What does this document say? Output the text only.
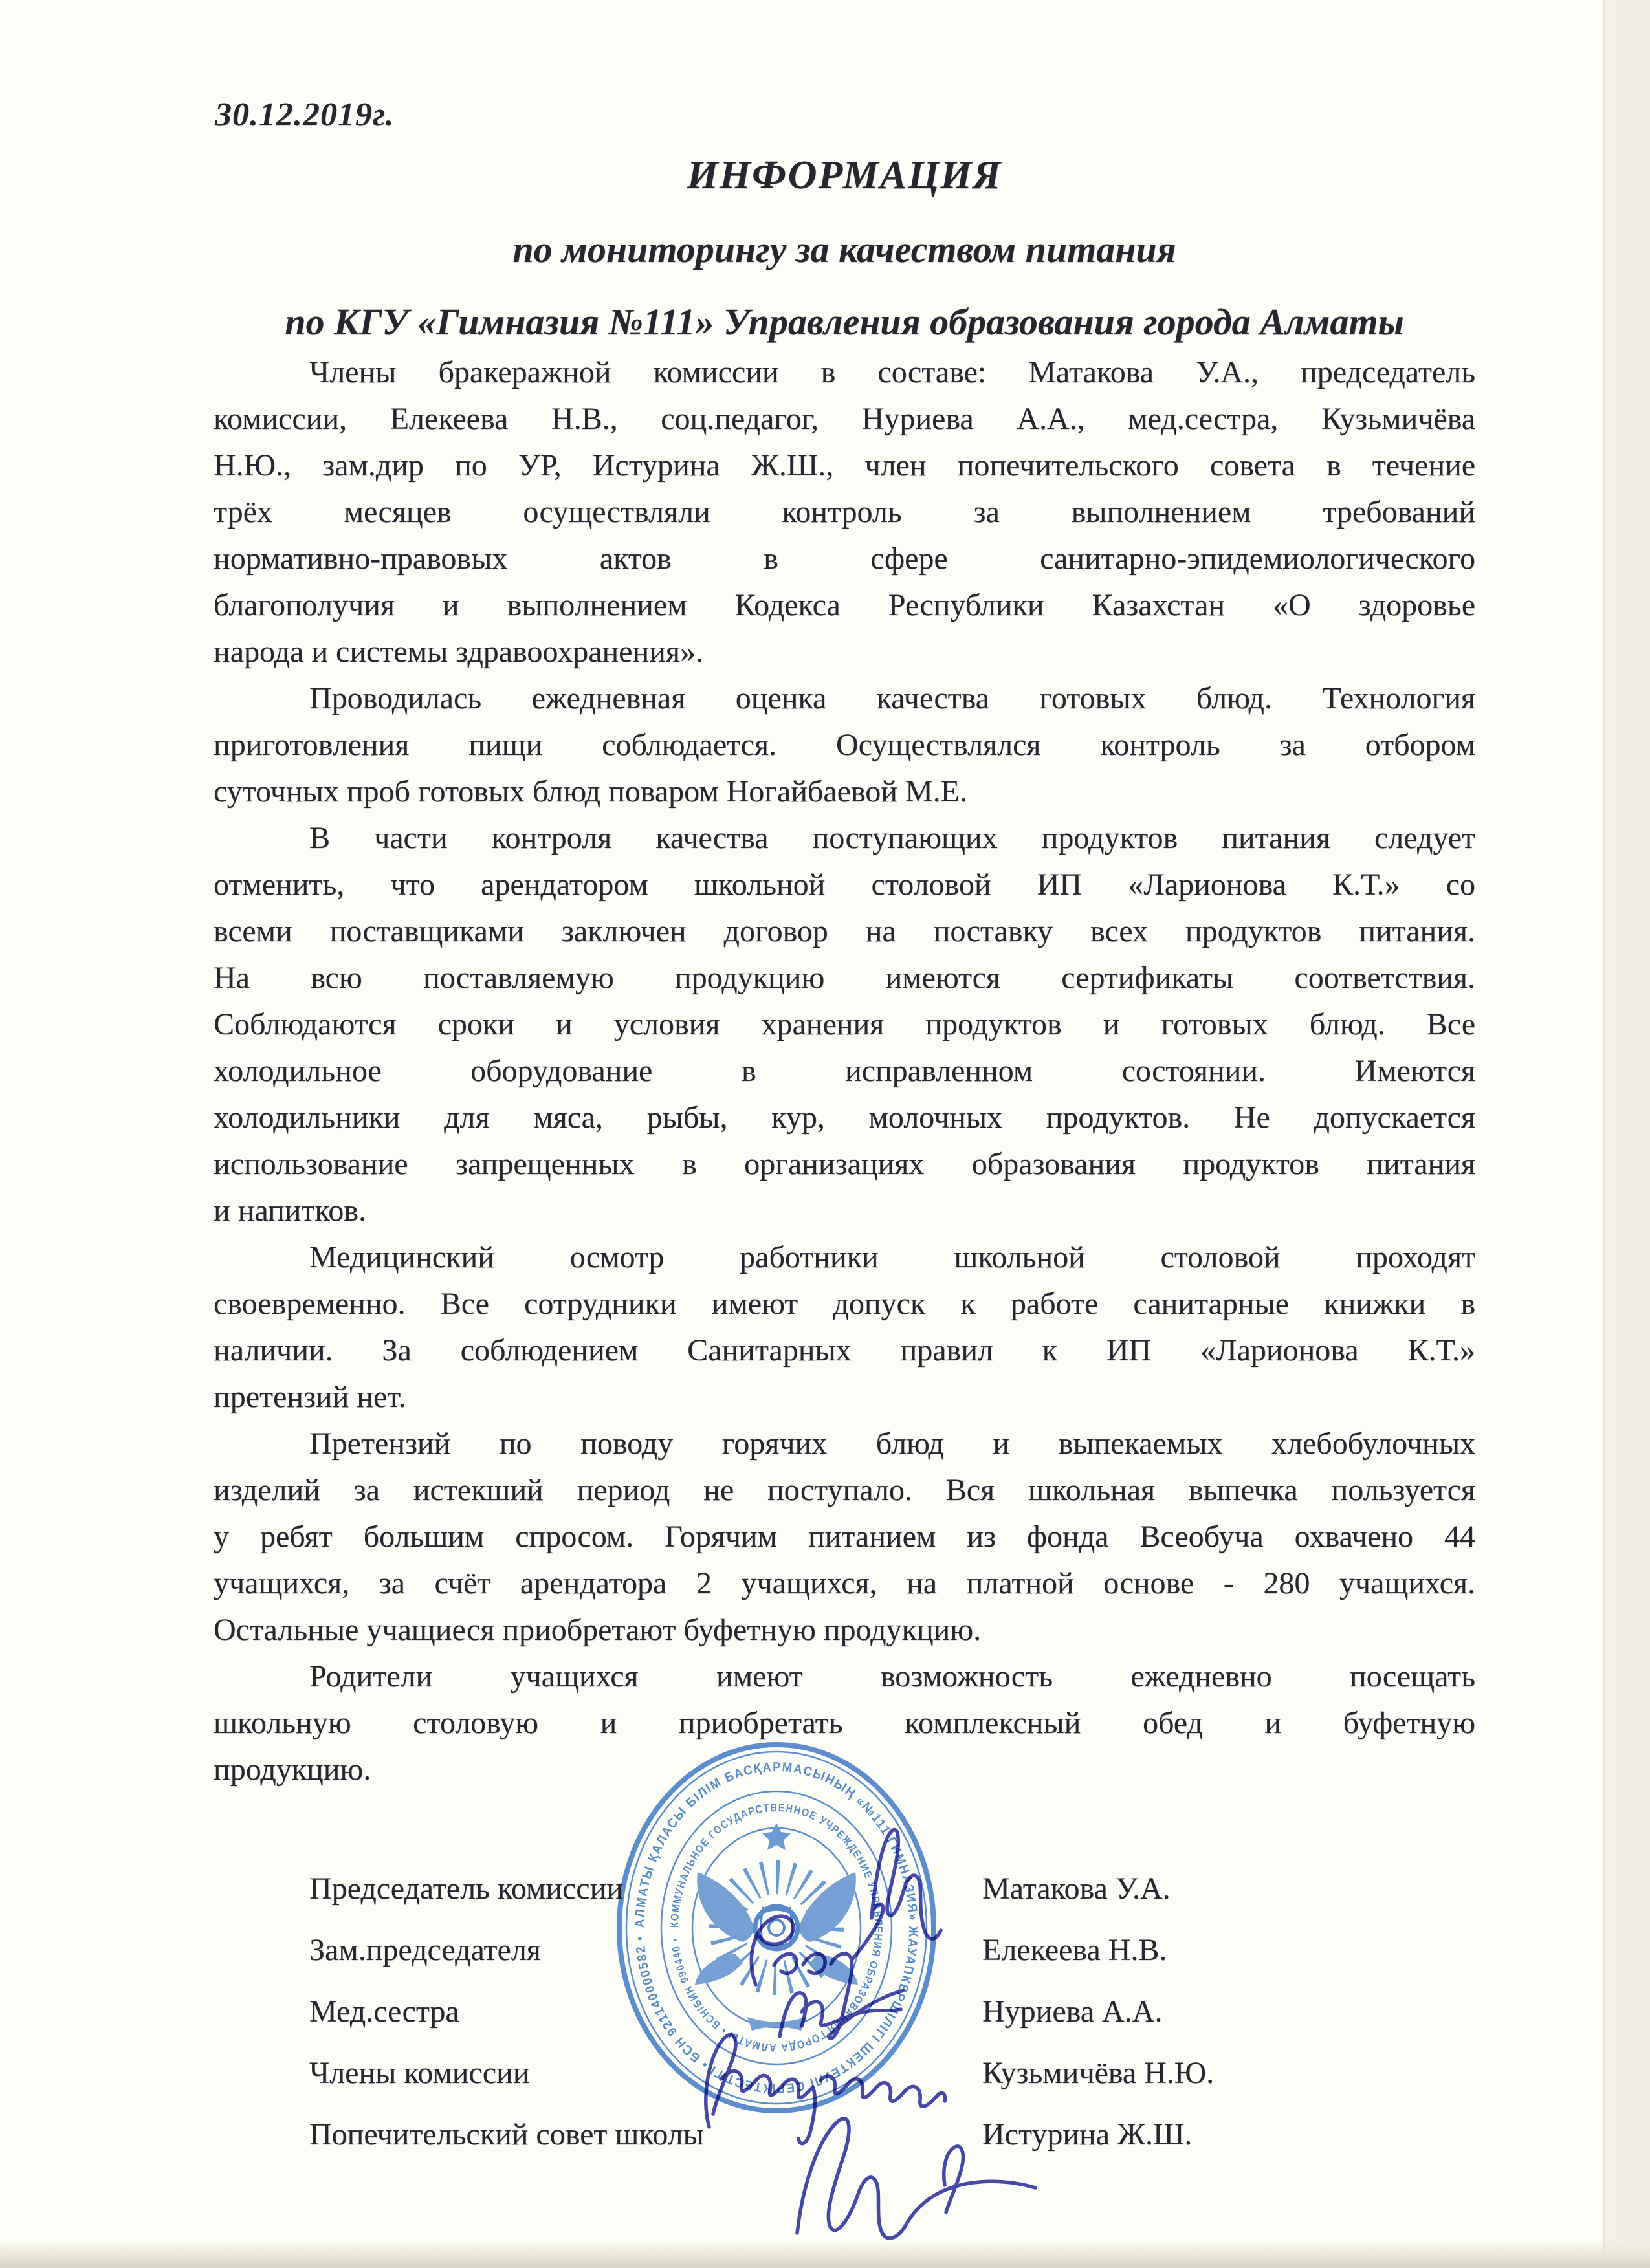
30.12.2019г.
ИНФОРМАЦИЯ
по мониторингу за качеством питания
по КГУ «Гимназия №111» Управления образования города Алматы
Члены бракеражной комиссии в составе: Матакова У.А., председатель
комиссии, Елекеева Н.В., соц.педагог, Нуриева А.А., мед.сестра, Кузьмичёва
Н.Ю., зам.дир по УР, Истурина Ж.Ш., член попечительского совета в течение
трёх месяцев осуществляли контроль за выполнением требований
нормативно-правовых актов в сфере санитарно-эпидемиологического
благополучия и выполнением Кодекса Республики Казахстан «О здоровье
народа и системы здравоохранения».
Проводилась ежедневная оценка качества готовых блюд. Технология
приготовления пищи соблюдается. Осуществлялся контроль за отбором
суточных проб готовых блюд поваром Ногайбаевой М.Е.
В части контроля качества поступающих продуктов питания следует
отменить, что арендатором школьной столовой ИП «Ларионова К.Т.» со
всеми поставщиками заключен договор на поставку всех продуктов питания.
На всю поставляемую продукцию имеются сертификаты соответствия.
Соблюдаются сроки и условия хранения продуктов и готовых блюд. Все
холодильное оборудование в исправленном состоянии. Имеются
холодильники для мяса, рыбы, кур, молочных продуктов. Не допускается
использование запрещенных в организациях образования продуктов питания
и напитков.
Медицинский осмотр работники школьной столовой проходят
своевременно. Все сотрудники имеют допуск к работе санитарные книжки в
наличии. За соблюдением Санитарных правил к ИП «Ларионова К.Т.»
претензий нет.
Претензий по поводу горячих блюд и выпекаемых хлебобулочных
изделий за истекший период не поступало. Вся школьная выпечка пользуется
у ребят большим спросом. Горячим питанием из фонда Всеобуча охвачено 44
учащихся, за счёт арендатора 2 учащихся, на платной основе - 280 учащихся.
Остальные учащиеся приобретают буфетную продукцию.
Родители учащихся имеют возможность ежедневно посещать
школьную столовую и приобретать комплексный обед и буфетную
продукцию.
Председатель комиссии	Матакова У.А.
Зам.председателя	Елекеева Н.В.
Мед.сестра	Нуриева А.А.
Члены комиссии	Кузьмичёва Н.Ю.
Попечительский совет школы	Истурина Ж.Ш.
АЛМАТЫ ҚАЛАСЫ БІЛІМ БАСҚАРМАСЫНЫҢ «№111 ГИМНАЗИЯ» ЖАУАПКЕРШІЛІГІ ШЕКТЕУЛІ СЕРІКТЕСТІГІ • БСН 921140000582 •
КОММУНАЛЬНОЕ ГОСУДАРСТВЕННОЕ УЧРЕЖДЕНИЕ УПРАВЛЕНИЯ ОБРАЗОВАНИЯ ГОРОДА АЛМАТЫ • БСН/БИН 990440 •
